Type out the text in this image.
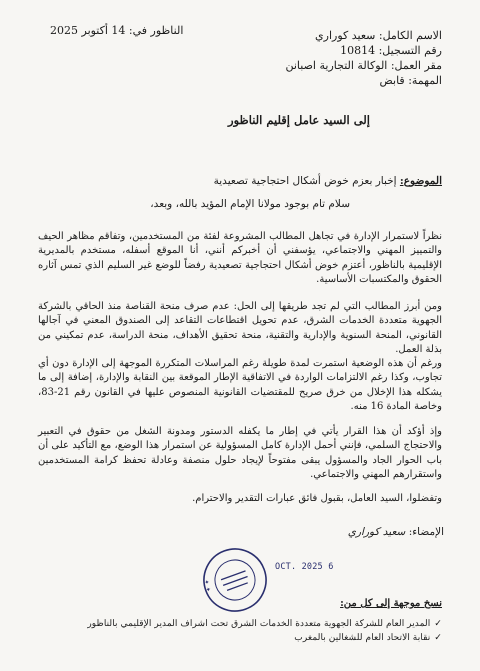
الناظور في: 14 أكتوبر 2025	الاسم الكامل: سعيد كوراري
رقم التسجيل: 10814
مقر العمل: الوكالة التجارية اصبانن
المهمة: قابض
إلى السيد عامل إقليم الناظور
الموضوع: إخبار بعزم خوض أشكال احتجاجية تصعيدية
سلام تام بوجود مولانا الإمام المؤيد بالله، وبعد،

نظراً لاستمرار الإدارة في تجاهل المطالب المشروعة لفئة من المستخدمين، وتفاقم مظاهر الحيف والتمييز المهني والاجتماعي، يؤسفني أن أخبركم أنني، أنا الموقع أسفله، مستخدم بالمديرية الإقليمية بالناظور، أعتزم خوض أشكال احتجاجية تصعيدية رفضاً للوضع غير السليم الذي تمس آثاره الحقوق والمكتسبات الأساسية.

ومن أبرز المطالب التي لم تجد طريقها إلى الحل: عدم صرف منحة القناصة منذ الحاقي بالشركة الجهوية متعددة الخدمات الشرق، عدم تحويل اقتطاعات التقاعد إلى الصندوق المعني في آجالها القانوني، المنحة السنوية والإدارية والتقنية، منحة تحقيق الأهداف، منحة الدراسة، عدم تمكيني من بذلة العمل.

ورغم أن هذه الوضعية استمرت لمدة طويلة رغم المراسلات المتكررة الموجهة إلى الإدارة دون أي تجاوب، وكذا رغم الالتزامات الواردة في الاتفاقية الإطار الموقعة بين النقابة والإدارة، إضافة إلى ما يشكله هذا الإخلال من خرق صريح للمقتضيات القانونية المنصوص عليها في القانون رقم 21-83، وخاصة المادة 16 منه.

وإذ أؤكد أن هذا القرار يأتي في إطار ما يكفله الدستور ومدونة الشغل من حقوق في التعبير والاحتجاج السلمي، فإنني أحمل الإدارة كامل المسؤولية عن استمرار هذا الوضع، مع التأكيد على أن باب الحوار الجاد والمسؤول يبقى مفتوحاً لإيجاد حلول منصفة وعادلة تحفظ كرامة المستخدمين واستقرارهم المهني والاجتماعي.

وتفضلوا، السيد العامل، بقبول فائق عبارات التقدير والاحترام.

الإمضاء: سعيد كوراري
✦ ✦
6 OCT. 2025
نسخ موجهة إلى كل من:
✓المدير العام للشركة الجهوية متعددة الخدمات الشرق تحت اشراف المدير الإقليمي بالناظور
✓نقابة الاتحاد العام للشغالين بالمغرب
